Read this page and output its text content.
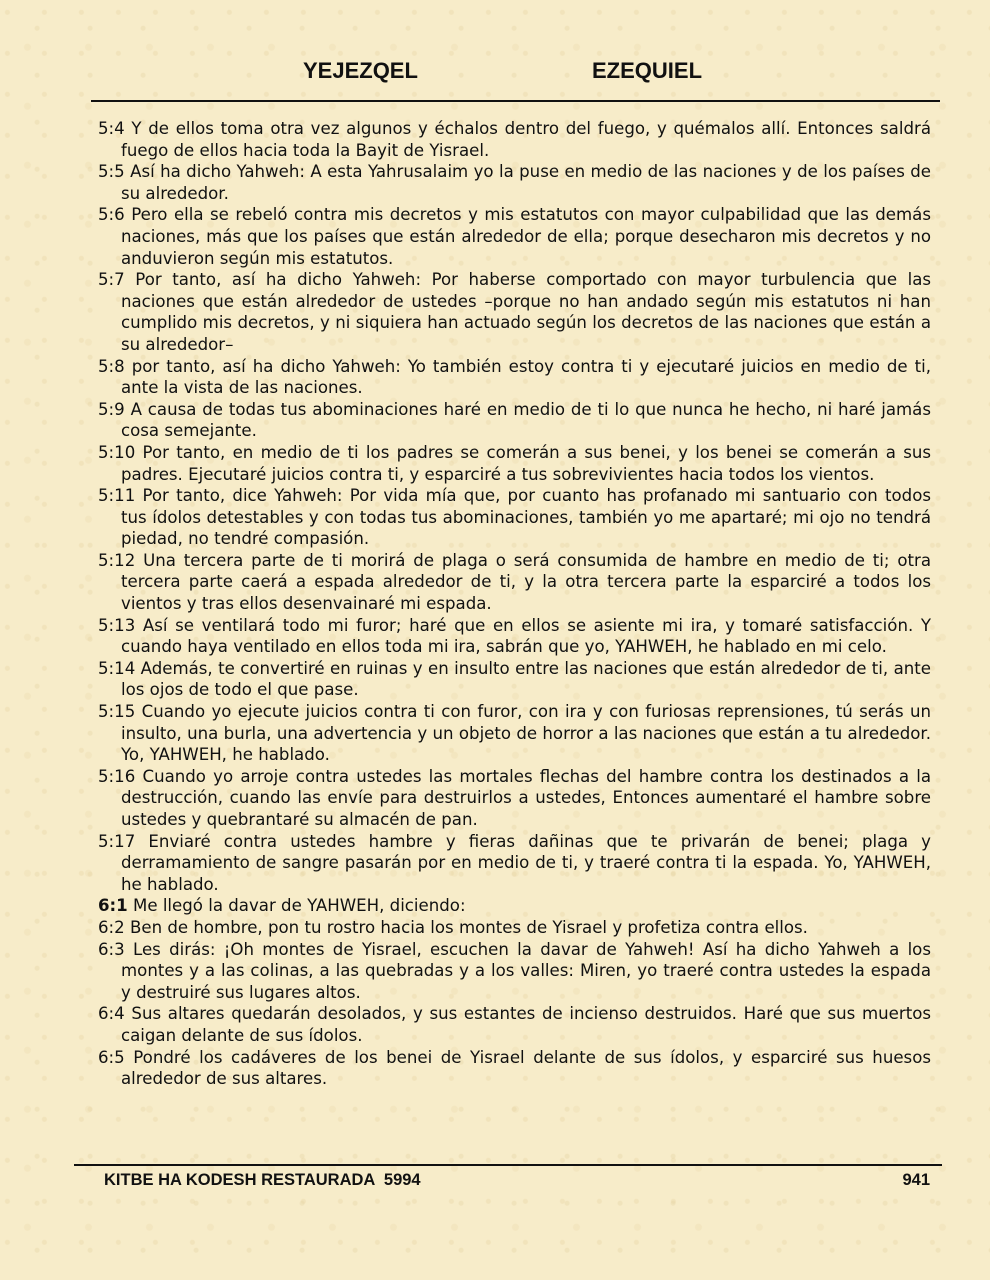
YEJEZQEL	EZEQUIEL

5:4 Y de ellos toma otra vez algunos y échalos dentro del fuego, y quémalos allí. Entonces saldrá fuego de ellos hacia toda la Bayit de Yisrael.

5:5 Así ha dicho Yahweh: A esta Yahrusalaim yo la puse en medio de las naciones y de los países de su alrededor.

5:6 Pero ella se rebeló contra mis decretos y mis estatutos con mayor culpabilidad que las demás naciones, más que los países que están alrededor de ella; porque desecharon mis decretos y no anduvieron según mis estatutos.

5:7 Por tanto, así ha dicho Yahweh: Por haberse comportado con mayor turbulencia que las naciones que están alrededor de ustedes –porque no han andado según mis estatutos ni han cumplido mis decretos, y ni siquiera han actuado según los decretos de las naciones que están a su alrededor–

5:8 por tanto, así ha dicho Yahweh: Yo también estoy contra ti y ejecutaré juicios en medio de ti, ante la vista de las naciones.

5:9 A causa de todas tus abominaciones haré en medio de ti lo que nunca he hecho, ni haré jamás cosa semejante.

5:10 Por tanto, en medio de ti los padres se comerán a sus benei, y los benei se comerán a sus padres. Ejecutaré juicios contra ti, y esparciré a tus sobrevivientes hacia todos los vientos.

5:11 Por tanto, dice Yahweh: Por vida mía que, por cuanto has profanado mi santuario con todos tus ídolos detestables y con todas tus abominaciones, también yo me apartaré; mi ojo no tendrá piedad, no tendré compasión.

5:12 Una tercera parte de ti morirá de plaga o será consumida de hambre en medio de ti; otra tercera parte caerá a espada alrededor de ti, y la otra tercera parte la esparciré a todos los vientos y tras ellos desenvainaré mi espada.

5:13 Así se ventilará todo mi furor; haré que en ellos se asiente mi ira, y tomaré satisfacción. Y cuando haya ventilado en ellos toda mi ira, sabrán que yo, YAHWEH, he hablado en mi celo.

5:14 Además, te convertiré en ruinas y en insulto entre las naciones que están alrededor de ti, ante los ojos de todo el que pase.

5:15 Cuando yo ejecute juicios contra ti con furor, con ira y con furiosas reprensiones, tú serás un insulto, una burla, una advertencia y un objeto de horror a las naciones que están a tu alrededor. Yo, YAHWEH, he hablado.

5:16 Cuando yo arroje contra ustedes las mortales flechas del hambre contra los destinados a la destrucción, cuando las envíe para destruirlos a ustedes, Entonces aumentaré el hambre sobre ustedes y quebrantaré su almacén de pan.

5:17 Enviaré contra ustedes hambre y fieras dañinas que te privarán de benei; plaga y derramamiento de sangre pasarán por en medio de ti, y traeré contra ti la espada. Yo, YAHWEH, he hablado.

6:1 Me llegó la davar de YAHWEH, diciendo:

6:2 Ben de hombre, pon tu rostro hacia los montes de Yisrael y profetiza contra ellos.

6:3 Les dirás: ¡Oh montes de Yisrael, escuchen la davar de Yahweh! Así ha dicho Yahweh a los montes y a las colinas, a las quebradas y a los valles: Miren, yo traeré contra ustedes la espada y destruiré sus lugares altos.

6:4 Sus altares quedarán desolados, y sus estantes de incienso destruidos. Haré que sus muertos caigan delante de sus ídolos.

6:5 Pondré los cadáveres de los benei de Yisrael delante de sus ídolos, y esparciré sus huesos alrededor de sus altares.

KITBE HA KODESH RESTAURADA  5994	941
